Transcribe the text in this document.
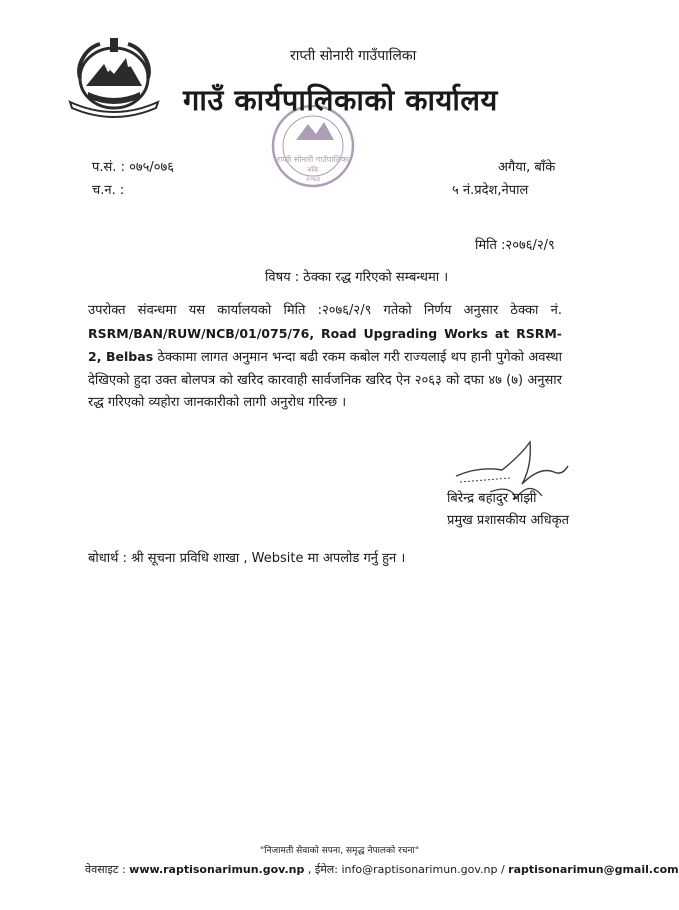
राप्ती सोनारी गाउँपालिका
बाँके
२०७३
राप्ती सोनारी गाउँपालिका
गाउँ कार्यपालिकाको कार्यालय
प.सं. : ०७५/०७६
च.न. :
अगैया, बाँके
५ नं.प्रदेश,नेपाल
मिति :२०७६/२/९
विषय : ठेक्का रद्ध गरिएको सम्बन्धमा ।
उपरोक्त संवन्धमा यस कार्यालयको मिति :२०७६/२/९ गतेको निर्णय अनुसार ठेक्का नं. RSRM/BAN/RUW/NCB/01/075/76, Road Upgrading Works at RSRM-2, Belbas ठेक्कामा लागत अनुमान भन्दा बढी रकम कबोल गरी राज्यलाई थप हानी पुगेको अवस्था देखिएको हुदा उक्त बोलपत्र को खरिद कारवाही सार्वजनिक खरिद ऐन २०६३ को दफा ४७ (७) अनुसार रद्ध गरिएको व्यहोरा जानकारीको लागी अनुरोध गरिन्छ ।
बिरेन्द्र बहादुर माझी
प्रमुख प्रशासकीय अधिकृत
बोधार्थ : श्री सूचना प्रविधि शाखा , Website मा अपलोड गर्नु हुन ।
"निजामती सेवाको सपना, समृद्ध नेपालको रचना"
वेवसाइट : www.raptisonarimun.gov.np , ईमेल: info@raptisonarimun.gov.np / raptisonarimun@gmail.com
